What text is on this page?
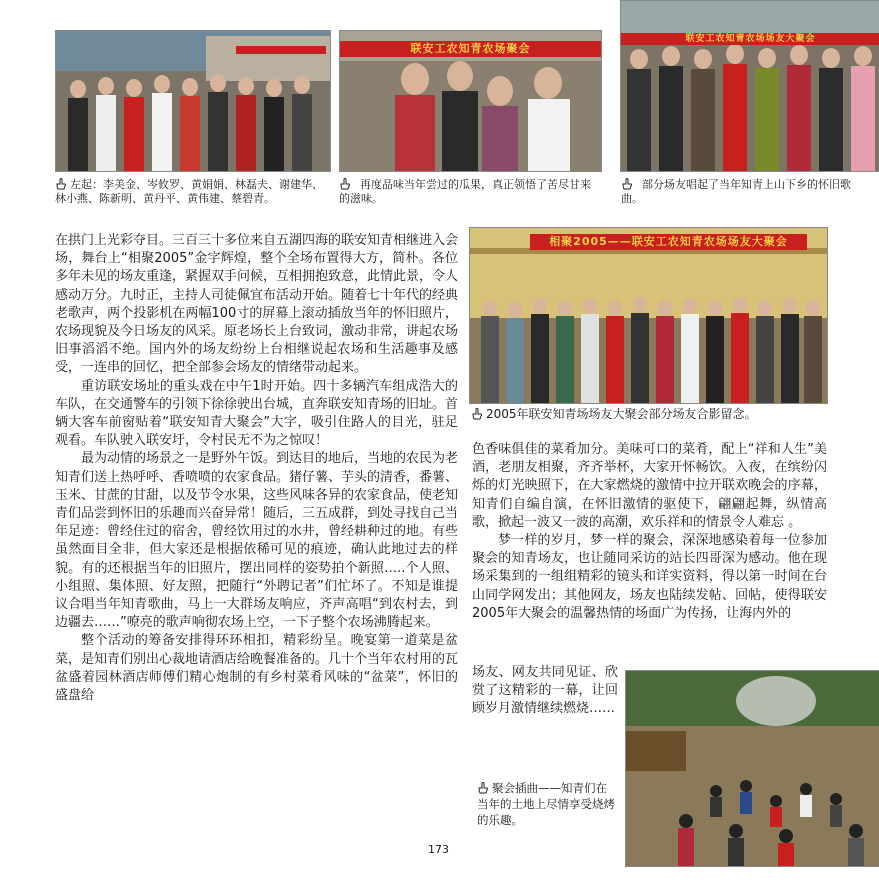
联安工农知青农场聚会
联安工农知青农场场友大聚会
左起：李美金、岑攸罗、黄娟娟、林磊夫、谢建华、林小燕、陈新明、黄丹平、黄伟建、蔡碧青。
再度品味当年尝过的瓜果，真正领悟了苦尽甘来的滋味。
部分场友唱起了当年知青上山下乡的怀旧歌曲。
相聚2005——联安工农知青农场场友大聚会
2005年联安知青场场友大聚会部分场友合影留念。
聚会插曲——知青们在当年的土地上尽情享受烧烤的乐趣。

在拱门上光彩夺目。三百三十多位来自五湖四海的联安知青相继进入会场，舞台上“相聚2005”金字辉煌，整个全场布置得大方，简朴。各位多年未见的场友重逢，紧握双手问候，互相拥抱致意，此情此景，令人感动万分。九时正，主持人司徒佩宜布活动开始。随着七十年代的经典老歌声，两个投影机在两幅100寸的屏幕上滚动插放当年的怀旧照片，农场现貌及今日场友的风采。原老场长上台致词，激动非常，讲起农场旧事滔滔不绝。国内外的场友纷纷上台相继说起农场和生活趣事及感受，一连串的回忆，把全部参会场友的情绪带动起来。

重访联安场址的重头戏在中午1时开始。四十多辆汽车组成浩大的车队，在交通警车的引领下徐徐驶出台城，直奔联安知青场的旧址。首辆大客车前窗贴着“联安知青大聚会”大字，吸引住路人的目光，驻足观看。车队驶入联安圩，令村民无不为之惊叹！

最为动情的场景之一是野外午饭。到达目的地后，当地的农民为老知青们送上热呼呼、香喷喷的农家食品。猪仔薯、芋头的清香，番薯、玉米、甘蔗的甘甜，以及节令水果，这些风味各异的农家食品，使老知青们品尝到怀旧的乐趣而兴奋异常！随后，三五成群，到处寻找自己当年足迹：曾经住过的宿舍，曾经饮用过的水井，曾经耕种过的地。有些虽然面目全非，但大家还是根据依稀可见的痕迹，确认此地过去的样貌。有的还根据当年的旧照片，摆出同样的姿势拍个新照…..个人照、小组照、集体照、好友照，把随行“外聘记者”们忙坏了。不知是谁提议合唱当年知青歌曲，马上一大群场友响应，齐声高唱“到农村去，到边疆去……”嘹亮的歌声响彻农场上空，一下子整个农场沸腾起来。

整个活动的筹备安排得环环相扣，精彩纷呈。晚宴第一道菜是盆菜，是知青们别出心裁地请酒店给晚餐准备的。几十个当年农村用的瓦盆盛着园林酒店师傅们精心炮制的有乡村菜肴风味的“盆菜”，怀旧的盛盘给

色香味俱佳的菜肴加分。美味可口的菜肴，配上“祥和人生”美酒，老朋友相聚，齐齐举杯，大家开怀畅饮。入夜，在缤纷闪烁的灯光映照下，在大家燃烧的激情中拉开联欢晚会的序幕，知青们自编自演，在怀旧激情的驱使下，翩翩起舞，纵情高歌，掀起一波又一波的高潮，欢乐祥和的情景令人难忘 。

梦一样的岁月，梦一样的聚会，深深地感染着每一位参加聚会的知青场友，也让随同采访的站长四哥深为感动。他在现场采集到的一组组精彩的镜头和详实资料，得以第一时间在台山同学网发出；其他网友，场友也陆续发帖、回帖，使得联安2005年大聚会的温馨热情的场面广为传扬，让海内外的

场友、网友共同见证、欣赏了这精彩的一幕，让回顾岁月激情继续燃烧……

173
